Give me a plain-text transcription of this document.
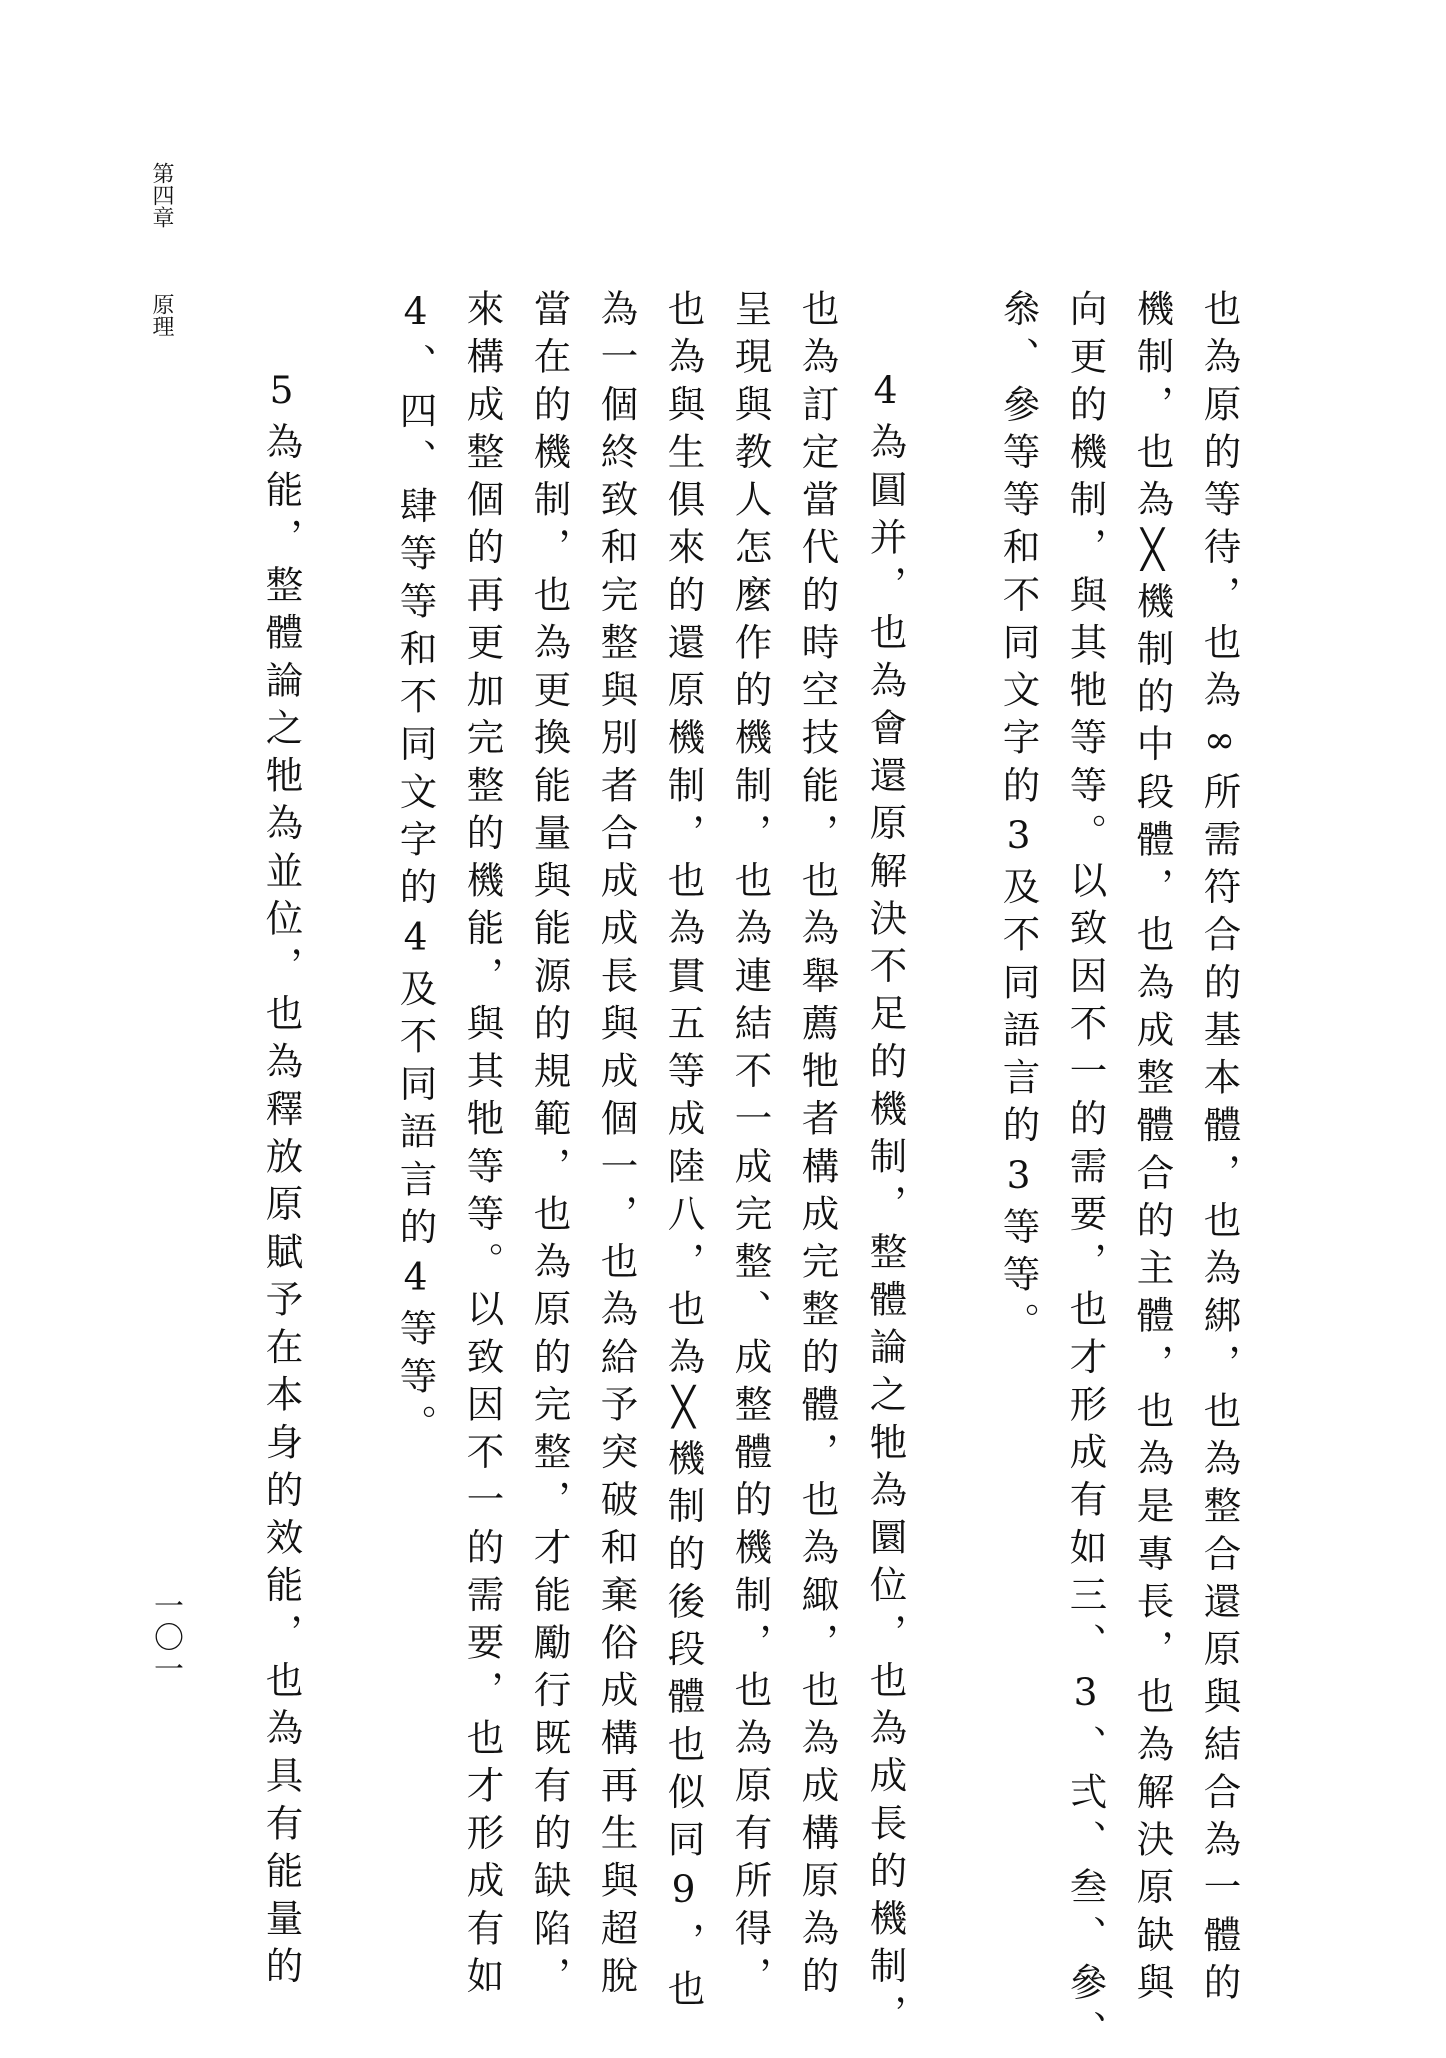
第四章
原理	也為原的等待，也為∞所需符合的基本體，也為綁，也為整合還原與結合為一體的
機制，也為╳機制的中段體，也為成整體合的主體，也為是專長，也為解決原缺與
向更的機制，與其牠等等。以致因不一的需要，也才形成有如三、3、弍、叁、參、
叅、參等等和不同文字的3及不同語言的3等等。
4為圓并，也為會還原解決不足的機制，整體論之牠為圜位，也為成長的機制，
也為訂定當代的時空技能，也為舉薦牠者構成完整的體，也為緅，也為成構原為的
呈現與教人怎麼作的機制，也為連結不一成完整、成整體的機制，也為原有所得，
也為與生俱來的還原機制，也為貫五等成陸八，也為╳機制的後段體也似同9，也
為一個終致和完整與別者合成成長與成個一，也為給予突破和棄俗成構再生與超脫
當在的機制，也為更換能量與能源的規範，也為原的完整，才能勵行既有的缺陷，
來構成整個的再更加完整的機能，與其牠等等。以致因不一的需要，也才形成有如
4、四、肆等等和不同文字的4及不同語言的4等等。
5為能，整體論之牠為並位，也為釋放原賦予在本身的效能，也為具有能量的
一〇一
